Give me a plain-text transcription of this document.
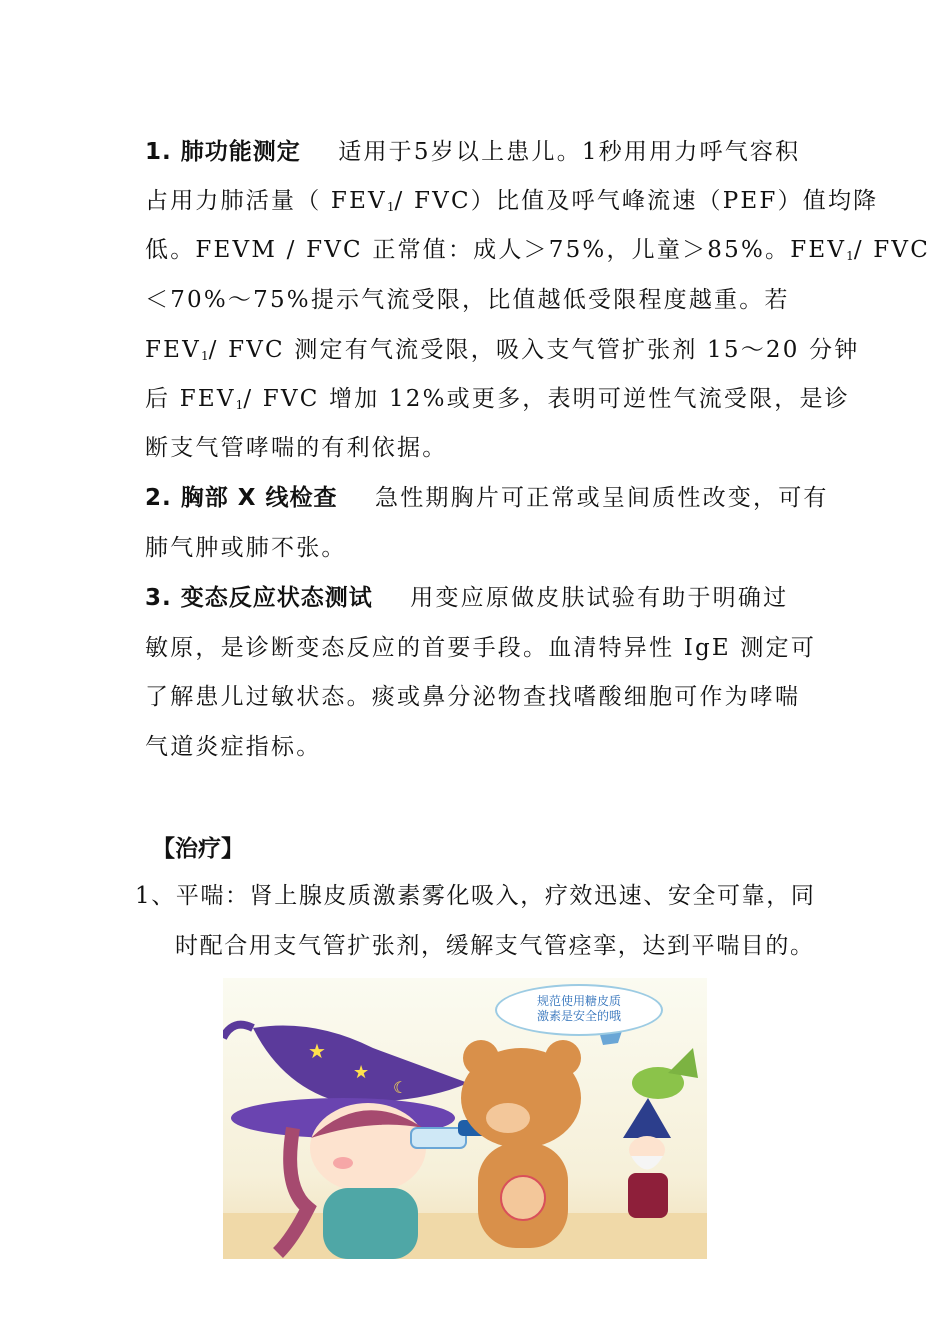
1. 肺功能测定 适用于5岁以上患儿。1秒用用力呼气容积
占用力肺活量（ $FEV_1/$ FVC）比值及呼气峰流速（PEF）值均降
低。FEVM / FVC 正常值：成人＞75%，儿童＞85%。$FEV_1/$ FVC
＜70%～75%提示气流受限，比值越低受限程度越重。若
$FEV_1/$ FVC 测定有气流受限，吸入支气管扩张剂 15～20 分钟
后 $FEV_1/$ FVC 增加 12%或更多，表明可逆性气流受限，是诊
断支气管哮喘的有利依据。
2. 胸部 X 线检查 急性期胸片可正常或呈间质性改变，可有
肺气肿或肺不张。
3. 变态反应状态测试 用变应原做皮肤试验有助于明确过
敏原，是诊断变态反应的首要手段。血清特异性 IgE 测定可
了解患儿过敏状态。痰或鼻分泌物查找嗜酸细胞可作为哮喘
气道炎症指标。
【治疗】
1、平喘：肾上腺皮质激素雾化吸入，疗效迅速、安全可靠，同
时配合用支气管扩张剂，缓解支气管痉挛，达到平喘目的。
★
★
☾
规范使用糖皮质
激素是安全的哦
